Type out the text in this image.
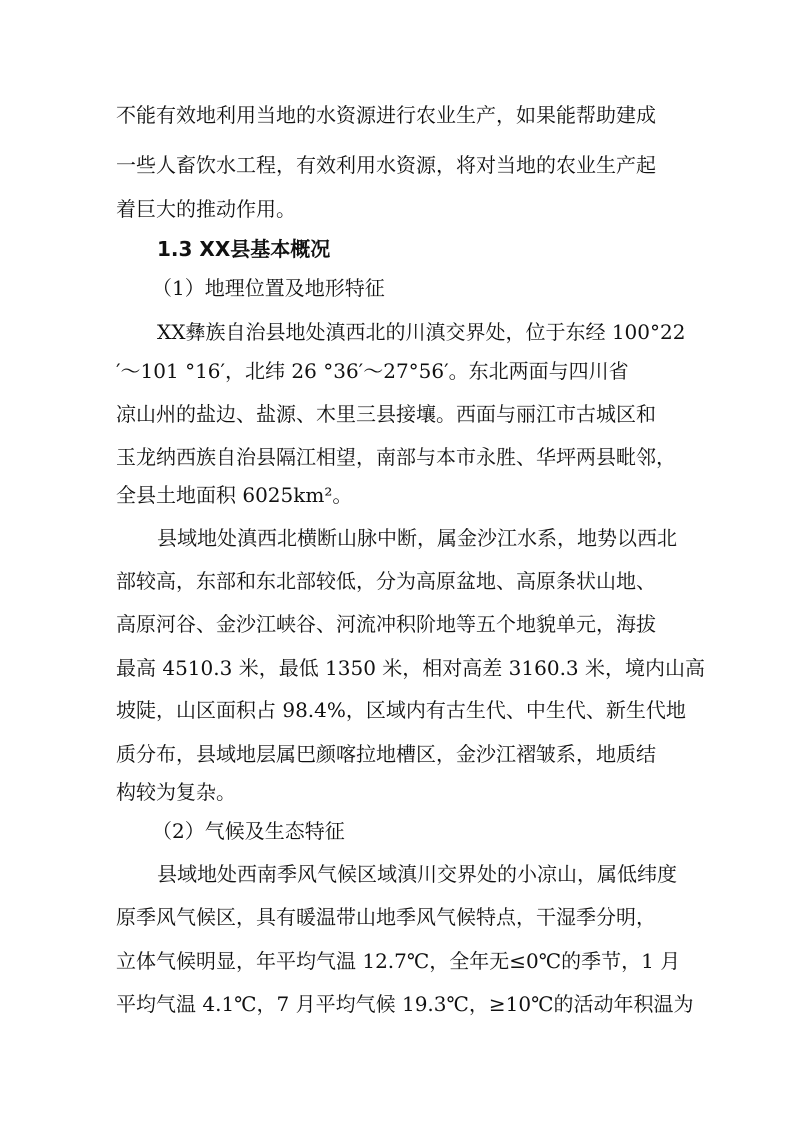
不能有效地利用当地的水资源进行农业生产，如果能帮助建成
一些人畜饮水工程，有效利用水资源，将对当地的农业生产起
着巨大的推动作用。
1.3 XX县基本概况
（1）地理位置及地形特征
XX彝族自治县地处滇西北的川滇交界处，位于东经 100°22
′～101 °16′，北纬 26 °36′～27°56′。东北两面与四川省
凉山州的盐边、盐源、木里三县接壤。西面与丽江市古城区和
玉龙纳西族自治县隔江相望，南部与本市永胜、华坪两县毗邻，
全县土地面积 6025km²。
县域地处滇西北横断山脉中断，属金沙江水系，地势以西北
部较高，东部和东北部较低，分为高原盆地、高原条状山地、
高原河谷、金沙江峡谷、河流冲积阶地等五个地貌单元，海拔
最高 4510.3 米，最低 1350 米，相对高差 3160.3 米，境内山高
坡陡，山区面积占 98.4%，区域内有古生代、中生代、新生代地
质分布，县域地层属巴颜喀拉地槽区，金沙江褶皱系，地质结
构较为复杂。
（2）气候及生态特征
县域地处西南季风气候区域滇川交界处的小凉山，属低纬度
原季风气候区，具有暖温带山地季风气候特点，干湿季分明，
立体气候明显，年平均气温 12.7℃，全年无≤0℃的季节，1 月
平均气温 4.1℃，7 月平均气候 19.3℃，≥10℃的活动年积温为
